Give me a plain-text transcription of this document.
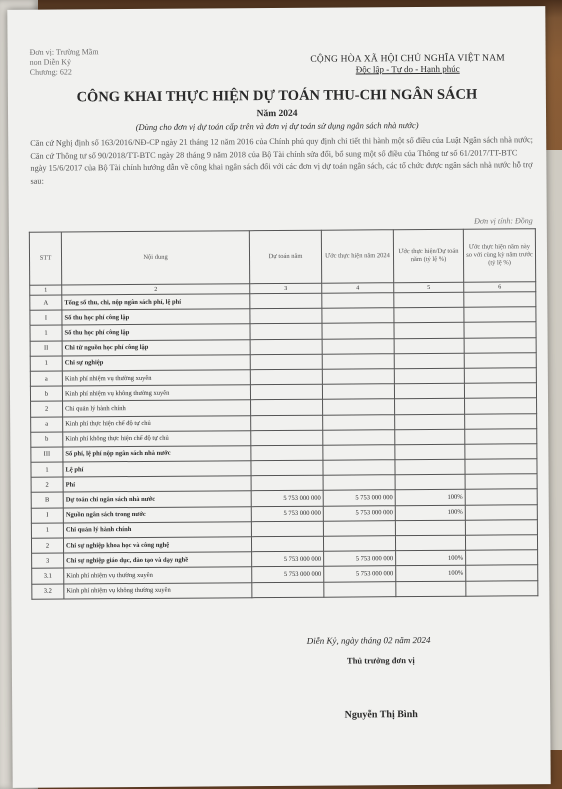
Đơn vị: Trường Mầm
non Diễn Kỷ
Chương: 622
CỘNG HÒA XÃ HỘI CHỦ NGHĨA VIỆT NAM
Độc lập - Tự do - Hạnh phúc
CÔNG KHAI THỰC HIỆN DỰ TOÁN THU-CHI NGÂN SÁCH
Năm 2024
(Dùng cho đơn vị dự toán cấp trên và đơn vị dự toán sử dụng ngân sách nhà nước)

Căn cứ Nghị định số 163/2016/NĐ-CP ngày 21 tháng 12 năm 2016 của Chính phủ quy định chi tiết thi hành một số điều của Luật Ngân sách nhà nước;

Căn cứ Thông tư số 90/2018/TT-BTC ngày 28 tháng 9 năm 2018 của Bộ Tài chính sửa đổi, bổ sung một số điều của Thông tư số 61/2017/TT-BTC ngày 15/6/2017 của Bộ Tài chính hướng dẫn về công khai ngân sách đối với các đơn vị dự toán ngân sách, các tổ chức được ngân sách nhà nước hỗ trợ sau:

Đơn vị tính: Đồng
STT	Nội dung	Dự toán năm	Ước thực hiện năm 2024	Ước thực hiện/Dự toán năm (tỷ lệ %)	Ước thực hiện năm này so với cùng kỳ năm trước (tỷ lệ %)
1	2	3	4	5	6
A	Tổng số thu, chi, nộp ngân sách phí, lệ phí				
I	Số thu học phí công lập				
1	Số thu học phí công lập				
II	Chi từ nguồn học phí công lập				
1	Chi sự nghiệp				
a	Kinh phí nhiệm vụ thường xuyên				
b	Kinh phí nhiệm vụ không thường xuyên				
2	Chi quản lý hành chính				
a	Kinh phí thực hiện chế độ tự chủ				
b	Kinh phí không thực hiện chế độ tự chủ				
III	Số phí, lệ phí nộp ngân sách nhà nước				
1	Lệ phí				
2	Phí				
B	Dự toán chi ngân sách nhà nước	5 753 000 000	5 753 000 000	100%	
I	Nguồn ngân sách trong nước	5 753 000 000	5 753 000 000	100%	
1	Chi quản lý hành chính				
2	Chi sự nghiệp khoa học và công nghệ				
3	Chi sự nghiệp giáo dục, đào tạo và dạy nghề	5 753 000 000	5 753 000 000	100%	
3.1	Kinh phí nhiệm vụ thường xuyên	5 753 000 000	5 753 000 000	100%	
3.2	Kinh phí nhiệm vụ không thường xuyên				
Diễn Kỷ, ngày tháng 02 năm 2024
Thủ trưởng đơn vị
Nguyễn Thị Bình
